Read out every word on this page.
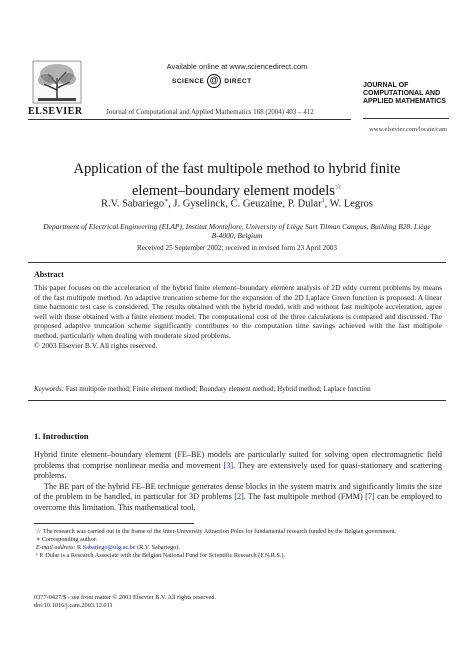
Available online at www.sciencedirect.com
SCIENCE @ DIRECT
ELSEVIER	Journal of Computational and Applied Mathematics 168 (2004) 403 – 412
JOURNAL OF
COMPUTATIONAL AND
APPLIED MATHEMATICS
www.elsevier.com/locate/cam
Application of the fast multipole method to hybrid finite
element–boundary element models☆
R.V. Sabariego∗, J. Gyselinck, C. Geuzaine, P. Dular$^1$, W. Legros
Department of Electrical Engineering (ELAP), Institut Montefiore, University of Liège Sart Tilman Campus, Building B28, Liège B-4000, Belgium
Received 25 September 2002; received in revised form 23 April 2003
Abstract
This paper focuses on the acceleration of the hybrid finite element–boundary element analysis of 2D eddy current problems by means of the fast multipole method. An adaptive truncation scheme for the expansion of the 2D Laplace Green function is proposed. A linear time harmonic test case is considered. The results obtained with the hybrid model, with and without fast multipole acceleration, agree well with those obtained with a finite element model. The computational cost of the three calculations is compared and discussed. The proposed adaptive truncation scheme significantly contributes to the computation time savings achieved with the fast multipole method, particularly when dealing with moderate sized problems.
© 2003 Elsevier B.V. All rights reserved.
Keywords: Fast multipole method; Finite element method; Boundary element method; Hybrid method; Laplace function
1. Introduction

Hybrid finite element–boundary element (FE–BE) models are particularly suited for solving open electromagnetic field problems that comprise nonlinear media and movement [3]. They are extensively used for quasi-stationary and scattering problems.

The BE part of the hybrid FE–BE technique generates dense blocks in the system matrix and significantly limits the size of the problem to be handled, in particular for 3D problems [2]. The fast multipole method (FMM) [7] can be employed to overcome this limitation. This mathematical tool,

☆ The research was carried out in the frame of the Inter-University Attraction Poles for fundamental research funded by the Belgian government.
∗ Corresponding author.
E-mail address: R.Sabariego@ulg.ac.be (R.V. Sabariego).
¹ P. Dular is a Research Associate with the Belgian National Fund for Scientific Research (F.N.R.S.).
0377-0427/$ - see front matter © 2003 Elsevier B.V. All rights reserved.
doi:10.1016/j.cam.2003.12.011
